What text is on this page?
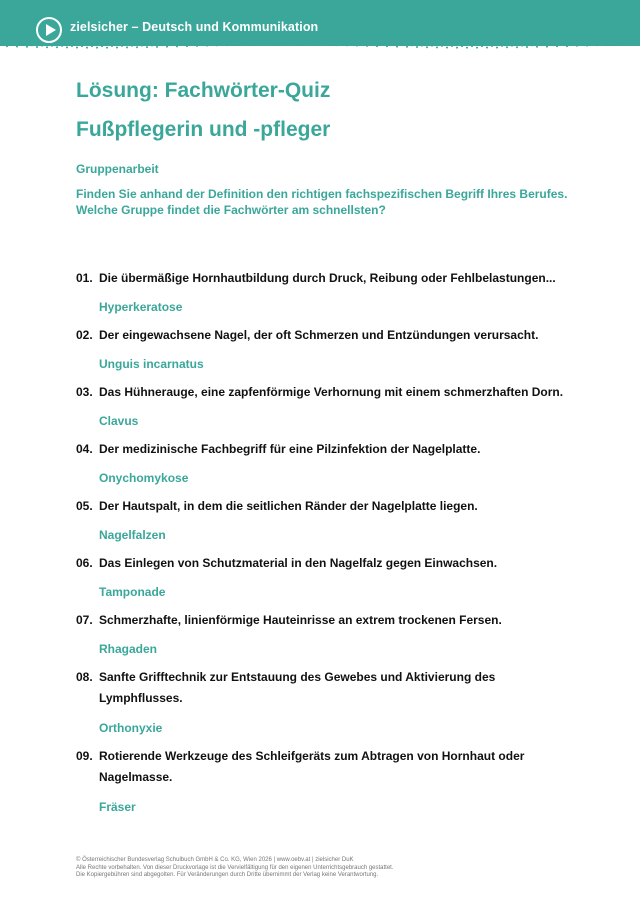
zielsicher – Deutsch und Kommunikation
Lösung: Fachwörter-Quiz
Fußpflegerin und -pfleger
Gruppenarbeit
Finden Sie anhand der Definition den richtigen fachspezifischen Begriff Ihres Berufes. Welche Gruppe findet die Fachwörter am schnellsten?
01. Die übermäßige Hornhautbildung durch Druck, Reibung oder Fehlbelastungen...
Hyperkeratose
02. Der eingewachsene Nagel, der oft Schmerzen und Entzündungen verursacht.
Unguis incarnatus
03. Das Hühnerauge, eine zapfenförmige Verhornung mit einem schmerzhaften Dorn.
Clavus
04. Der medizinische Fachbegriff für eine Pilzinfektion der Nagelplatte.
Onychomykose
05. Der Hautspalt, in dem die seitlichen Ränder der Nagelplatte liegen.
Nagelfalzen
06. Das Einlegen von Schutzmaterial in den Nagelfalz gegen Einwachsen.
Tamponade
07. Schmerzhafte, linienförmige Hauteinrisse an extrem trockenen Fersen.
Rhagaden
08. Sanfte Grifftechnik zur Entstauung des Gewebes und Aktivierung des Lymphflusses.
Orthonyxie
09. Rotierende Werkzeuge des Schleifgeräts zum Abtragen von Hornhaut oder Nagelmasse.
Fräser
© Österreichischer Bundesverlag Schulbuch GmbH & Co. KG, Wien 2026 | www.oebv.at | zielsicher DuK
Alle Rechte vorbehalten. Von dieser Druckvorlage ist die Vervielfältigung für den eigenen Unterrichtsgebrauch gestattet.
Die Kopiergebühren sind abgegolten. Für Veränderungen durch Dritte übernimmt der Verlag keine Verantwortung.
